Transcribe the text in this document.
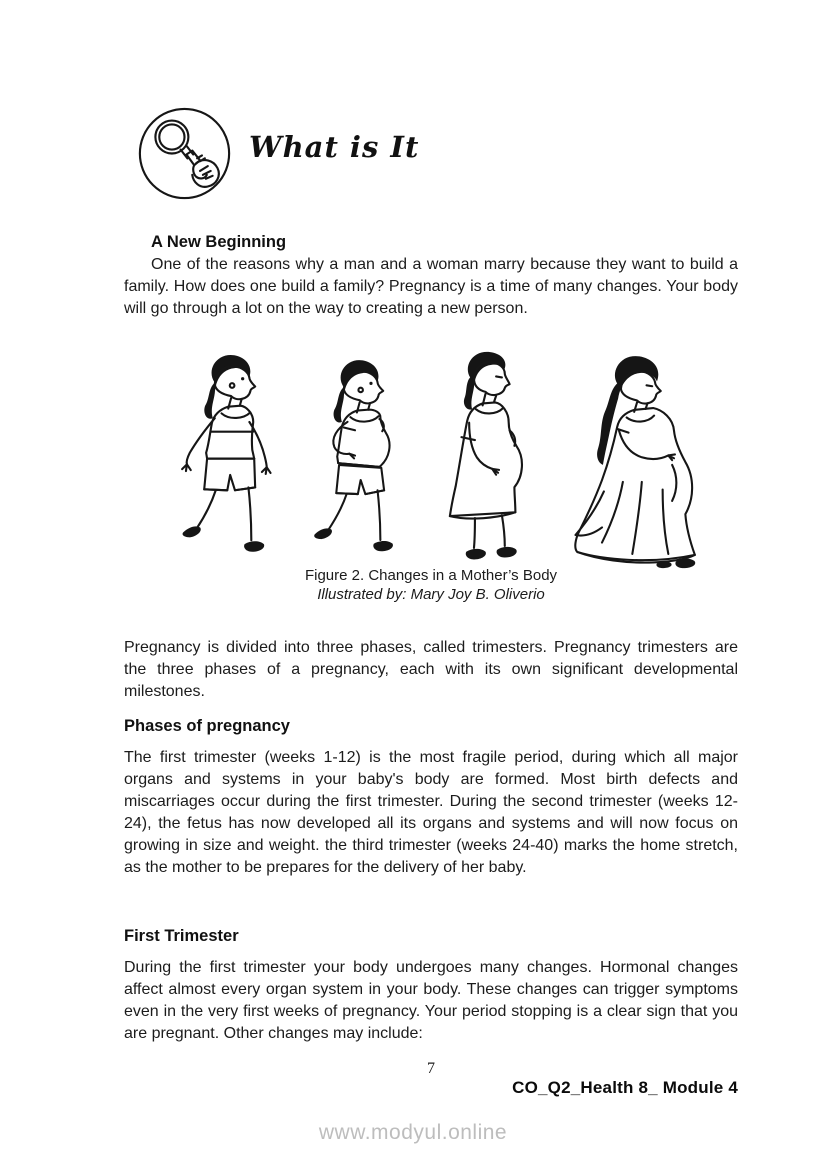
What is It
A New Beginning

One of the reasons why a man and a woman marry because they want to build a family. How does one build a family? Pregnancy is a time of many changes. Your body will go through a lot on the way to creating a new person.

Figure 2. Changes in a Mother’s Body
Illustrated by: Mary Joy B. Oliverio

Pregnancy is divided into three phases, called trimesters. Pregnancy trimesters are the three phases of a pregnancy, each with its own significant developmental milestones.

Phases of pregnancy

The first trimester (weeks 1-12) is the most fragile period, during which all major organs and systems in your baby's body are formed. Most birth defects and miscarriages occur during the first trimester. During the second trimester (weeks 12-24), the fetus has now developed all its organs and systems and will now focus on growing in size and weight. the third trimester (weeks 24-40) marks the home stretch, as the mother to be prepares for the delivery of her baby.

First Trimester

During the first trimester your body undergoes many changes. Hormonal changes affect almost every organ system in your body. These changes can trigger symptoms even in the very first weeks of pregnancy. Your period stopping is a clear sign that you are pregnant. Other changes may include:

7
CO_Q2_Health 8_ Module 4
www.modyul.online
